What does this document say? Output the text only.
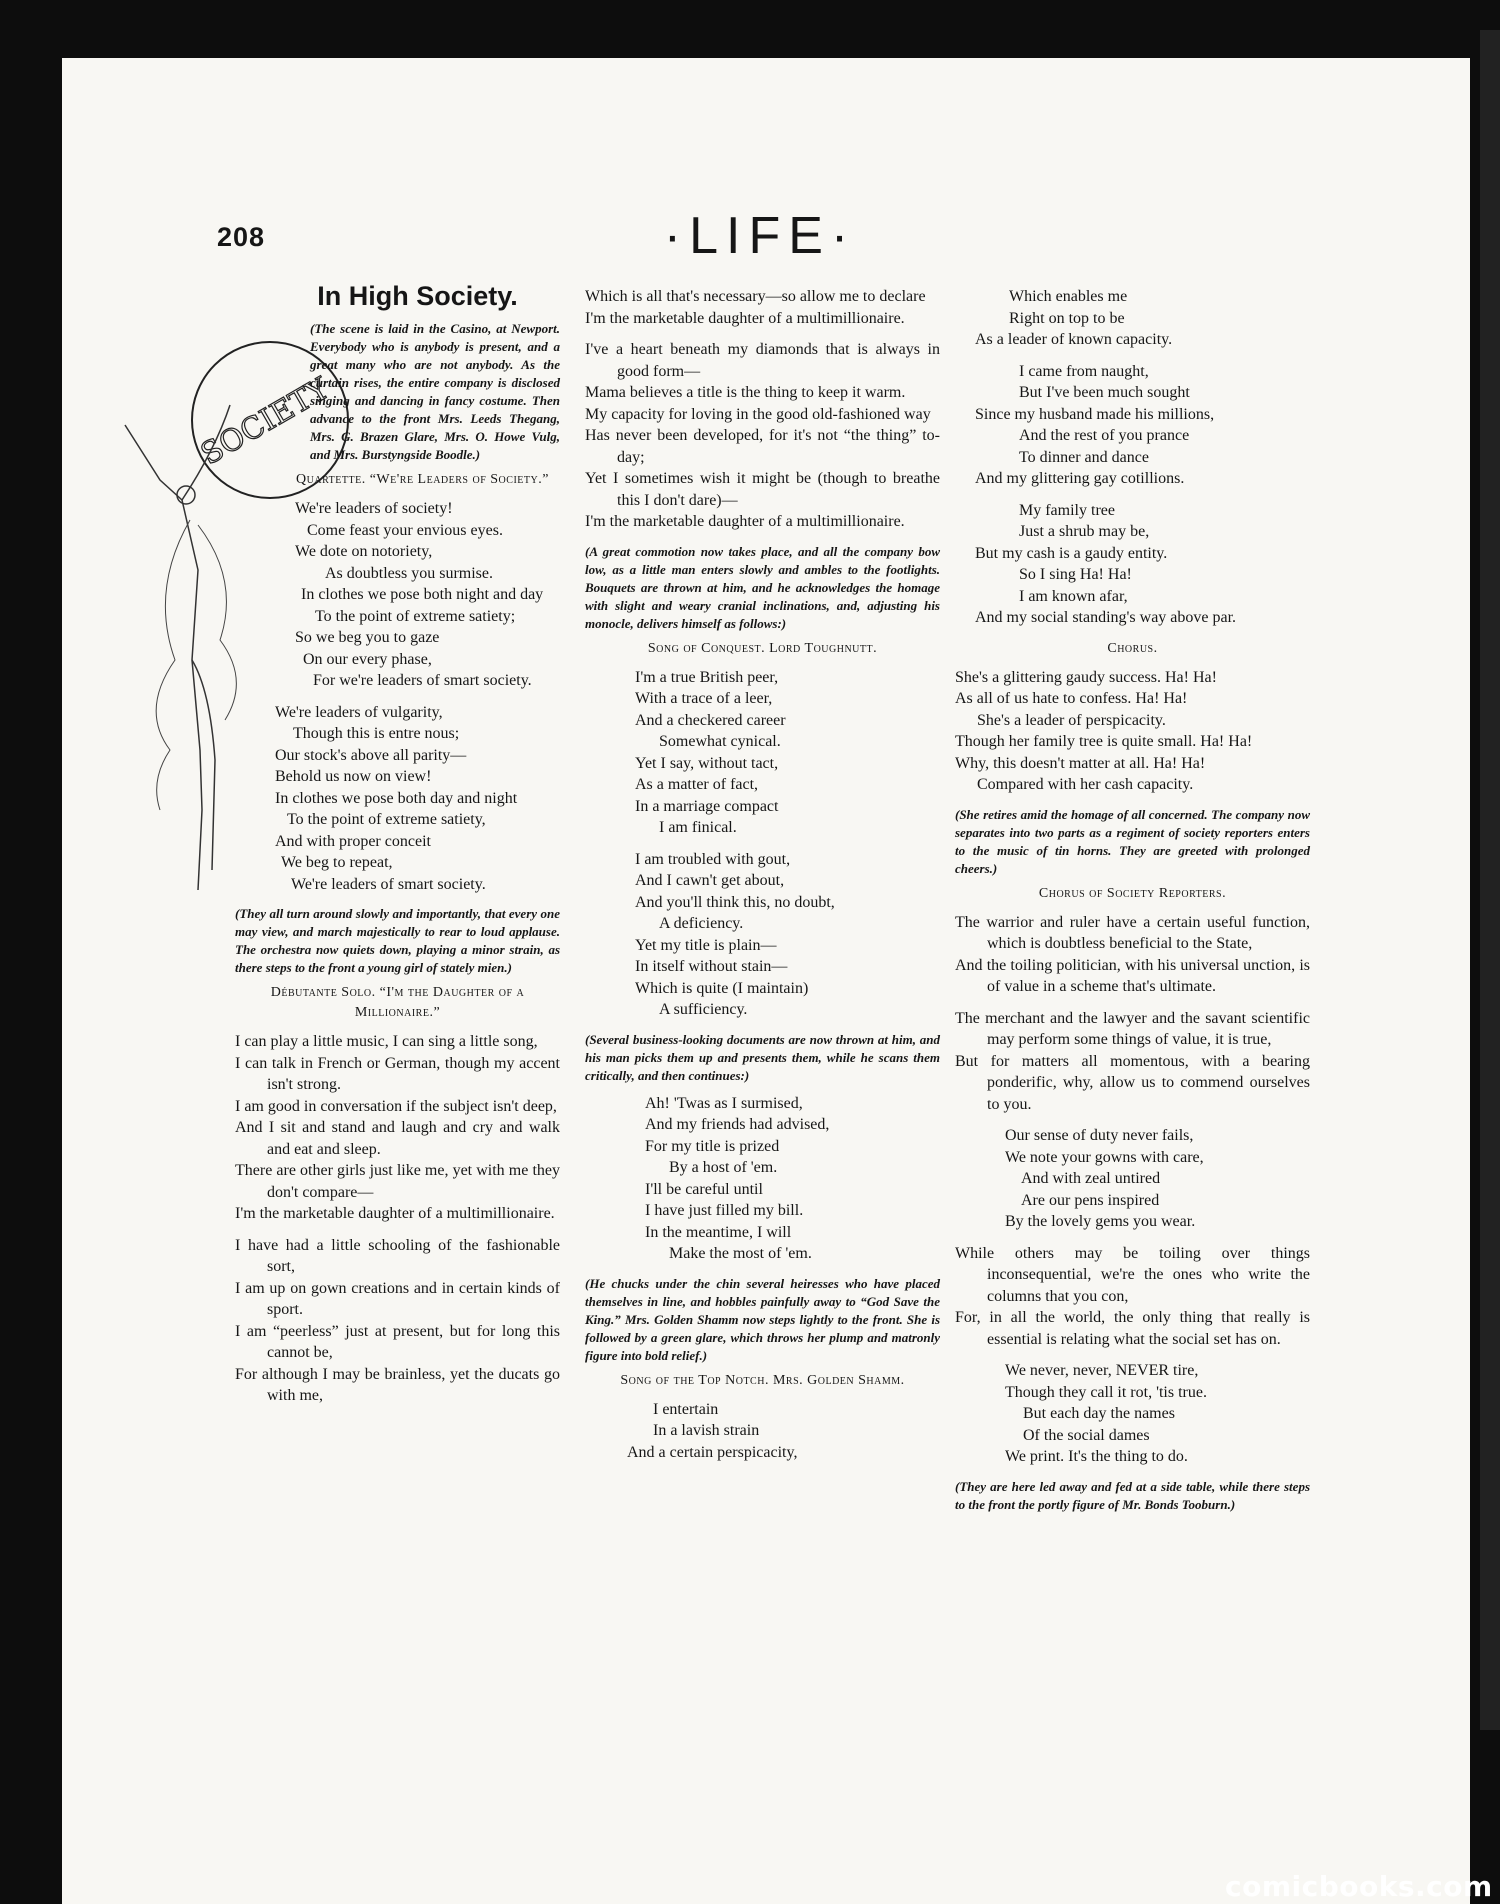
208	·LIFE·
SOCIETY
In High Society.
(The scene is laid in the Casino, at Newport. Everybody who is anybody is present, and a great many who are not anybody. As the curtain rises, the entire company is disclosed singing and dancing in fancy costume. Then advance to the front Mrs. Leeds Thegang, Mrs. G. Brazen Glare, Mrs. O. Howe Vulg, and Mrs. Burstyngside Boodle.)
Quartette. “We're Leaders of Society.”
We're leaders of society!
Come feast your envious eyes.
We dote on notoriety,
As doubtless you surmise.
In clothes we pose both night and day
To the point of extreme satiety;
So we beg you to gaze
On our every phase,
For we're leaders of smart society.
We're leaders of vulgarity,
Though this is entre nous;
Our stock's above all parity—
Behold us now on view!
In clothes we pose both day and night
To the point of extreme satiety,
And with proper conceit
We beg to repeat,
We're leaders of smart society.
(They all turn around slowly and importantly, that every one may view, and march majestically to rear to loud applause. The orchestra now quiets down, playing a minor strain, as there steps to the front a young girl of stately mien.)
Débutante Solo. “I'm the Daughter of a Millionaire.”
I can play a little music, I can sing a little song,
I can talk in French or German, though my accent isn't strong.
I am good in conversation if the subject isn't deep,
And I sit and stand and laugh and cry and walk and eat and sleep.
There are other girls just like me, yet with me they don't compare—
I'm the marketable daughter of a multimillionaire.
I have had a little schooling of the fashionable sort,
I am up on gown creations and in certain kinds of sport.
I am “peerless” just at present, but for long this cannot be,
For although I may be brainless, yet the ducats go with me,
Which is all that's necessary—so allow me to declare
I'm the marketable daughter of a multimillionaire.
I've a heart beneath my diamonds that is always in good form—
Mama believes a title is the thing to keep it warm.
My capacity for loving in the good old-fashioned way
Has never been developed, for it's not “the thing” to-day;
Yet I sometimes wish it might be (though to breathe this I don't dare)—
I'm the marketable daughter of a multimillionaire.
(A great commotion now takes place, and all the company bow low, as a little man enters slowly and ambles to the footlights. Bouquets are thrown at him, and he acknowledges the homage with slight and weary cranial inclinations, and, adjusting his monocle, delivers himself as follows:)
Song of Conquest. Lord Toughnutt.
I'm a true British peer,
With a trace of a leer,
And a checkered career
Somewhat cynical.
Yet I say, without tact,
As a matter of fact,
In a marriage compact
I am finical.
I am troubled with gout,
And I cawn't get about,
And you'll think this, no doubt,
A deficiency.
Yet my title is plain—
In itself without stain—
Which is quite (I maintain)
A sufficiency.
(Several business-looking documents are now thrown at him, and his man picks them up and presents them, while he scans them critically, and then continues:)
Ah! 'Twas as I surmised,
And my friends had advised,
For my title is prized
By a host of 'em.
I'll be careful until
I have just filled my bill.
In the meantime, I will
Make the most of 'em.
(He chucks under the chin several heiresses who have placed themselves in line, and hobbles painfully away to “God Save the King.” Mrs. Golden Shamm now steps lightly to the front. She is followed by a green glare, which throws her plump and matronly figure into bold relief.)
Song of the Top Notch. Mrs. Golden Shamm.
I entertain
In a lavish strain
And a certain perspicacity,
Which enables me
Right on top to be
As a leader of known capacity.
I came from naught,
But I've been much sought
Since my husband made his millions,
And the rest of you prance
To dinner and dance
And my glittering gay cotillions.
My family tree
Just a shrub may be,
But my cash is a gaudy entity.
So I sing Ha! Ha!
I am known afar,
And my social standing's way above par.
Chorus.
She's a glittering gaudy success. Ha! Ha!
As all of us hate to confess. Ha! Ha!
She's a leader of perspicacity.
Though her family tree is quite small. Ha! Ha!
Why, this doesn't matter at all. Ha! Ha!
Compared with her cash capacity.
(She retires amid the homage of all concerned. The company now separates into two parts as a regiment of society reporters enters to the music of tin horns. They are greeted with prolonged cheers.)
Chorus of Society Reporters.
The warrior and ruler have a certain useful function, which is doubtless beneficial to the State,
And the toiling politician, with his universal unction, is of value in a scheme that's ultimate.
The merchant and the lawyer and the savant scientific may perform some things of value, it is true,
But for matters all momentous, with a bearing ponderific, why, allow us to commend ourselves to you.
Our sense of duty never fails,
We note your gowns with care,
And with zeal untired
Are our pens inspired
By the lovely gems you wear.
While others may be toiling over things inconsequential, we're the ones who write the columns that you con,
For, in all the world, the only thing that really is essential is relating what the social set has on.
We never, never, NEVER tire,
Though they call it rot, 'tis true.
But each day the names
Of the social dames
We print. It's the thing to do.
(They are here led away and fed at a side table, while there steps to the front the portly figure of Mr. Bonds Tooburn.)
comicbooks.com
